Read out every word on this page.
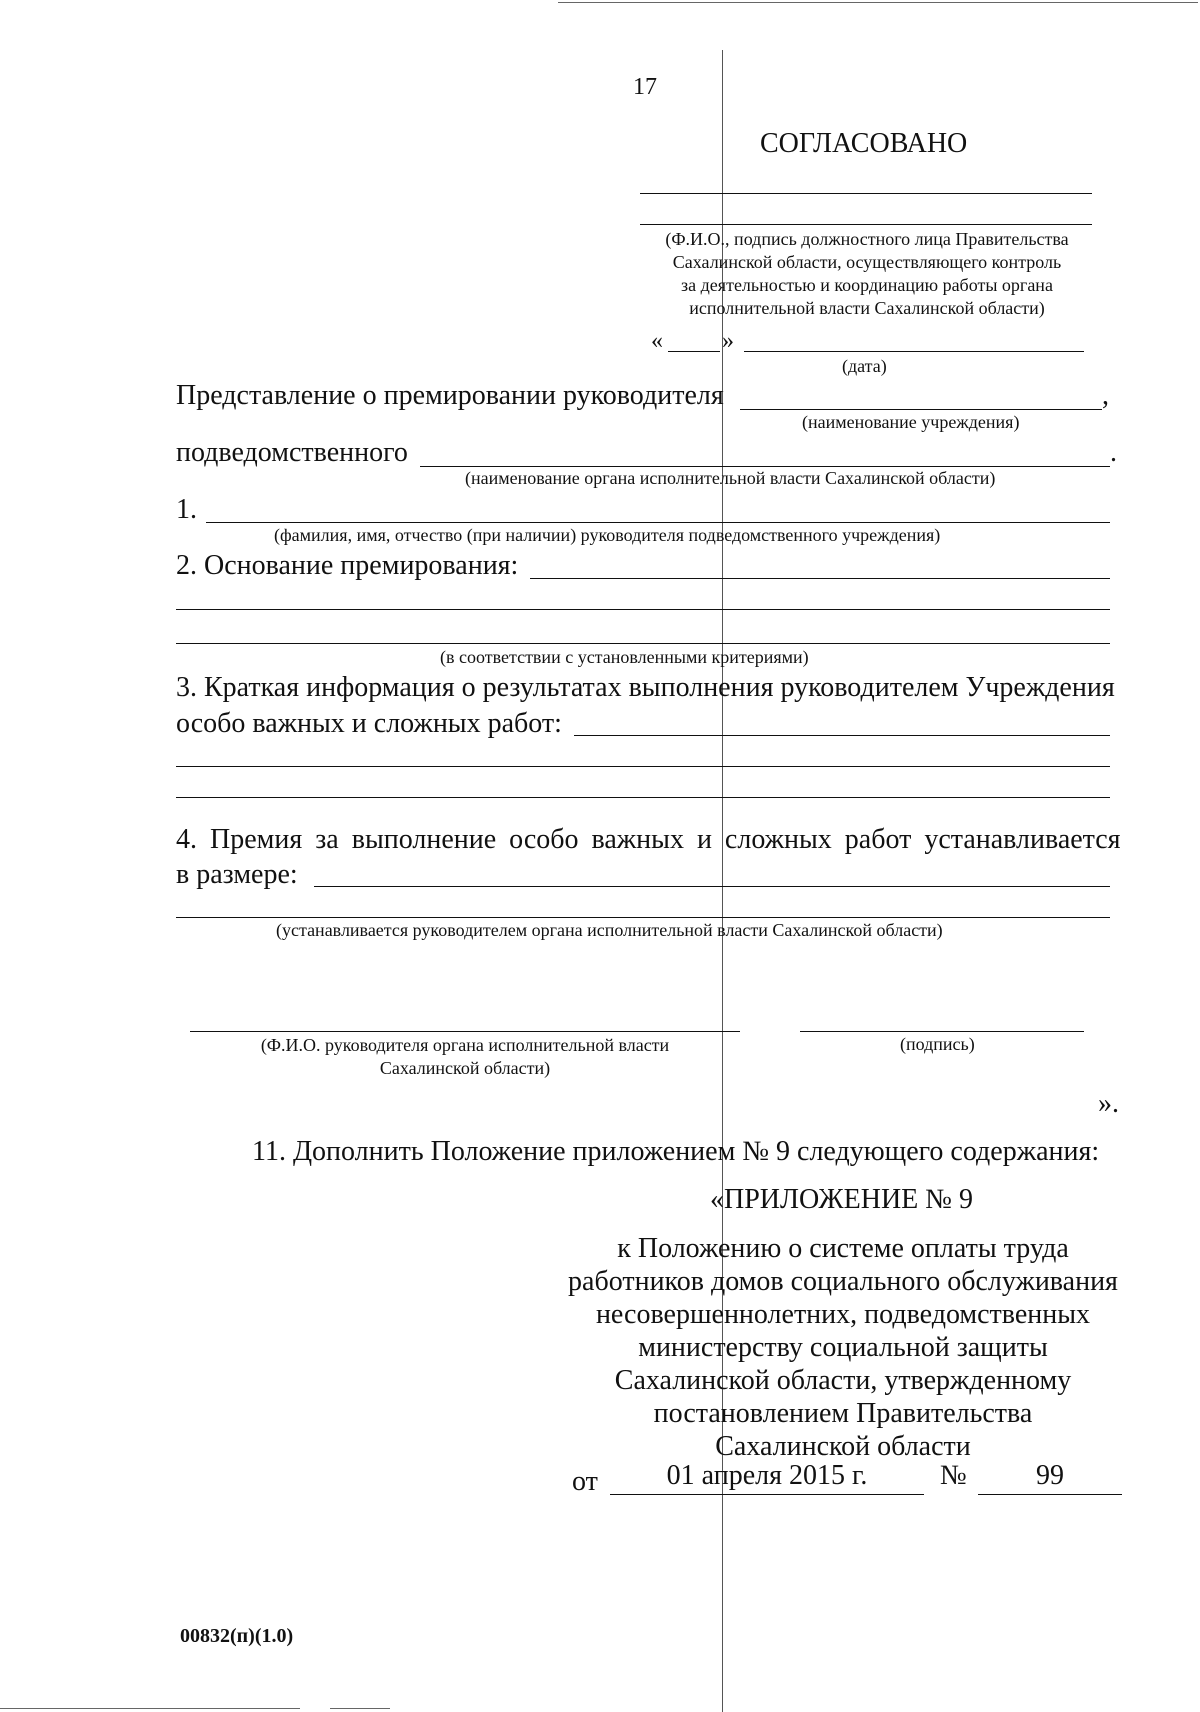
17
СОГЛАСОВАНО
(Ф.И.О., подпись должностного лица Правительства
Сахалинской области, осуществляющего контроль
за деятельностью и координацию работы органа
исполнительной власти Сахалинской области)
« »
(дата)
Представление о премировании руководителя	,
(наименование учреждения)
подведомственного	.
(наименование органа исполнительной власти Сахалинской области)
1.
(фамилия, имя, отчество (при наличии) руководителя подведомственного учреждения)
2. Основание премирования:
(в соответствии с установленными критериями)
3. Краткая информация о результатах выполнения руководителем Учреждения
особо важных и сложных работ:
4. Премия за выполнение особо важных и сложных работ устанавливается
в размере:
(устанавливается руководителем органа исполнительной власти Сахалинской области)
(Ф.И.О. руководителя органа исполнительной власти
Сахалинской области)
(подпись)
».
11. Дополнить Положение приложением № 9 следующего содержания:
«ПРИЛОЖЕНИЕ № 9
к Положению о системе оплаты труда
работников домов социального обслуживания
несовершеннолетних, подведомственных
министерству социальной защиты
Сахалинской области, утвержденному
постановлением Правительства
Сахалинской области
от	01 апреля 2015 г.	№	99
00832(п)(1.0)
